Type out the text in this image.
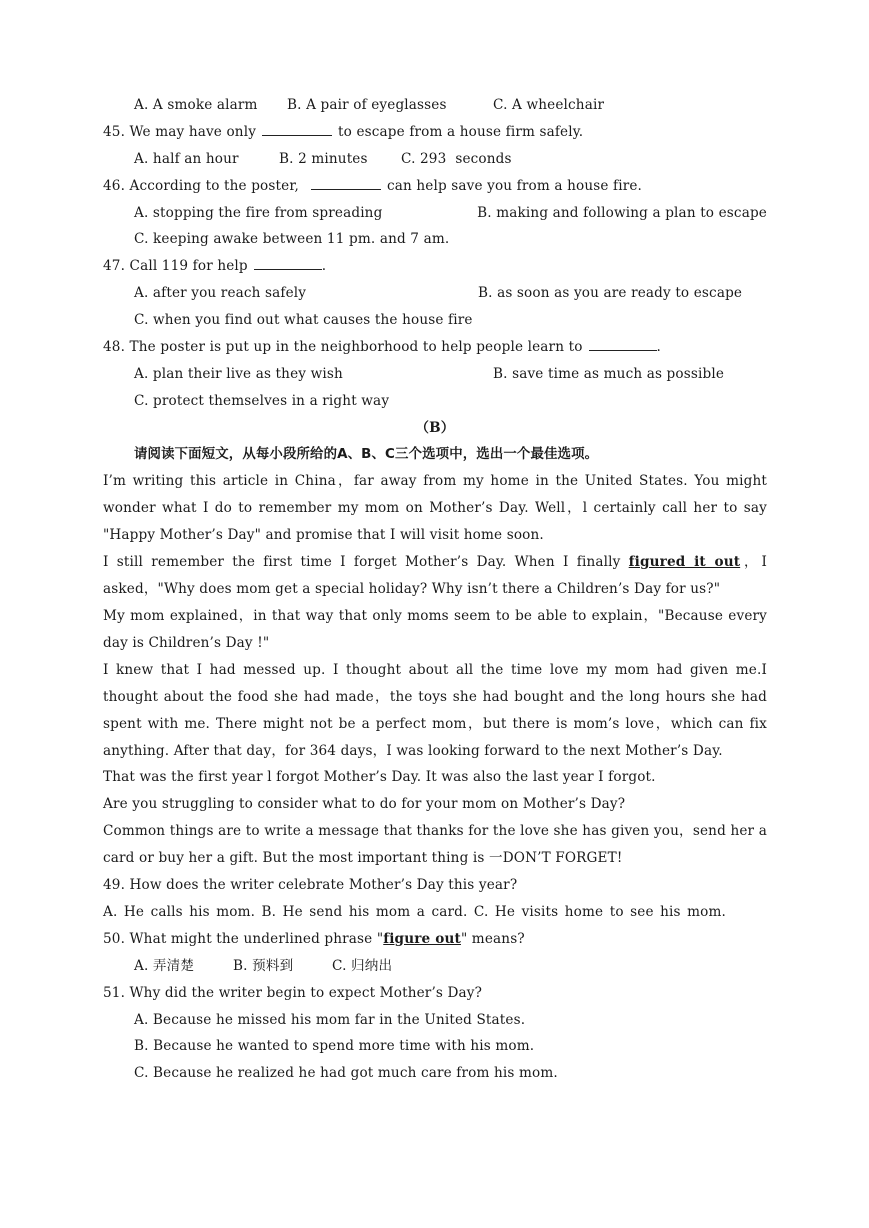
A. A smoke alarm	B. A pair of eyeglasses	C. A wheelchair
45. We may have only	to escape from a house firm safely.
A. half an hour	B. 2 minutes	C. 293  seconds
46. According to the poster,	can help save you from a house fire.
A. stopping the fire from spreading	B. making and following a plan to escape
C. keeping awake between 11 pm. and 7 am.
47. Call 119 for help	.
A. after you reach safely	B. as soon as you are ready to escape
C. when you find out what causes the house fire
48. The poster is put up in the neighborhood to help people learn to	.
A. plan their live as they wish	B. save time as much as possible
C. protect themselves in a right way
（B）
请阅读下面短文，从每小段所给的A、B、C三个选项中，选出一个最佳选项。

I’m writing this article in China，far away from my home in the United States. You might wonder what I do to remember my mom on Mother’s Day. Well，l certainly call her to say "Happy Mother’s Day" and promise that I will visit home soon.

I still remember the first time I forget Mother’s Day. When I finally figured it out，I asked，"Why does mom get a special holiday? Why isn’t there a Children’s Day for us?"

My mom explained，in that way that only moms seem to be able to explain，"Because every day is Children’s Day !"

I knew that I had messed up. I thought about all the time love my mom had given me.I thought about the food she had made，the toys she had bought and the long hours she had spent with me. There might not be a perfect mom，but there is mom’s love，which can fix anything. After that day，for 364 days，I was looking forward to the next Mother’s Day.

That was the first year l forgot Mother’s Day. It was also the last year I forgot.

Are you struggling to consider what to do for your mom on Mother’s Day?

Common things are to write a message that thanks for the love she has given you，send her a card or buy her a gift. But the most important thing is 一DON’T FORGET!

49. How does the writer celebrate Mother’s Day this year?

A. He calls his mom. B. He send his mom a card. C. He visits home to see his mom.

50. What might the underlined phrase "figure out" means?
A. 弄清楚	B. 预料到	C. 归纳出
51. Why did the writer begin to expect Mother’s Day?
A. Because he missed his mom far in the United States.
B. Because he wanted to spend more time with his mom.
C. Because he realized he had got much care from his mom.
